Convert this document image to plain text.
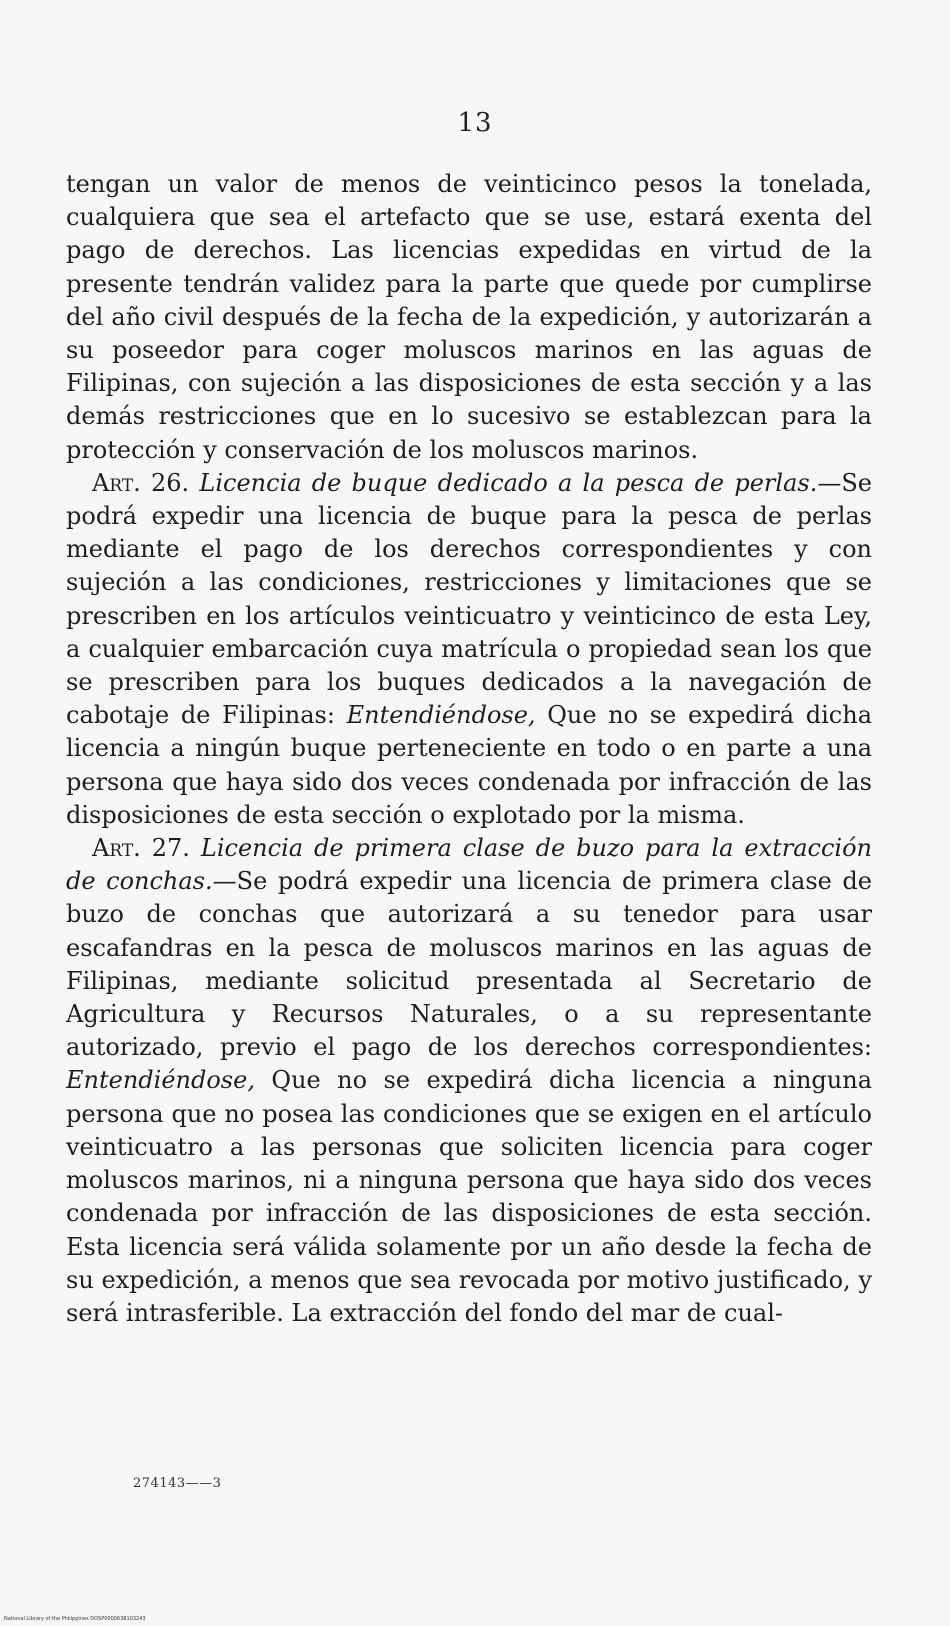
13

tengan un valor de menos de veinticinco pesos la tonelada, cualquiera que sea el artefacto que se use, estará exenta del pago de derechos. Las licencias expedidas en virtud de la presente tendrán validez para la parte que quede por cumplirse del año civil después de la fecha de la expedición, y autorizarán a su poseedor para coger moluscos marinos en las aguas de Filipinas, con sujeción a las disposiciones de esta sección y a las demás restricciones que en lo sucesivo se establezcan para la protección y conservación de los moluscos marinos.

Art. 26. Licencia de buque dedicado a la pesca de perlas.—Se podrá expedir una licencia de buque para la pesca de perlas mediante el pago de los derechos correspondientes y con sujeción a las condiciones, restricciones y limitaciones que se prescriben en los artículos veinticuatro y veinticinco de esta Ley, a cualquier embarcación cuya matrícula o propiedad sean los que se prescriben para los buques dedicados a la navegación de cabotaje de Filipinas: Entendiéndose, Que no se expedirá dicha licencia a ningún buque perteneciente en todo o en parte a una persona que haya sido dos veces condenada por infracción de las disposiciones de esta sección o explotado por la misma.

Art. 27. Licencia de primera clase de buzo para la extracción de conchas.—Se podrá expedir una licencia de primera clase de buzo de conchas que autorizará a su tenedor para usar escafandras en la pesca de moluscos marinos en las aguas de Filipinas, mediante solicitud presentada al Secretario de Agricultura y Recursos Naturales, o a su representante autorizado, previo el pago de los derechos correspondientes: Entendiéndose, Que no se expedirá dicha licencia a ninguna persona que no posea las condiciones que se exigen en el artículo veinticuatro a las personas que soliciten licencia para coger moluscos marinos, ni a ninguna persona que haya sido dos veces condenada por infracción de las disposiciones de esta sección. Esta licencia será válida solamente por un año desde la fecha de su expedición, a menos que sea revocada por motivo justificado, y será intrasferible. La extracción del fondo del mar de cual-

274143——3
National Library of the Philippines DOSP0000638103243
